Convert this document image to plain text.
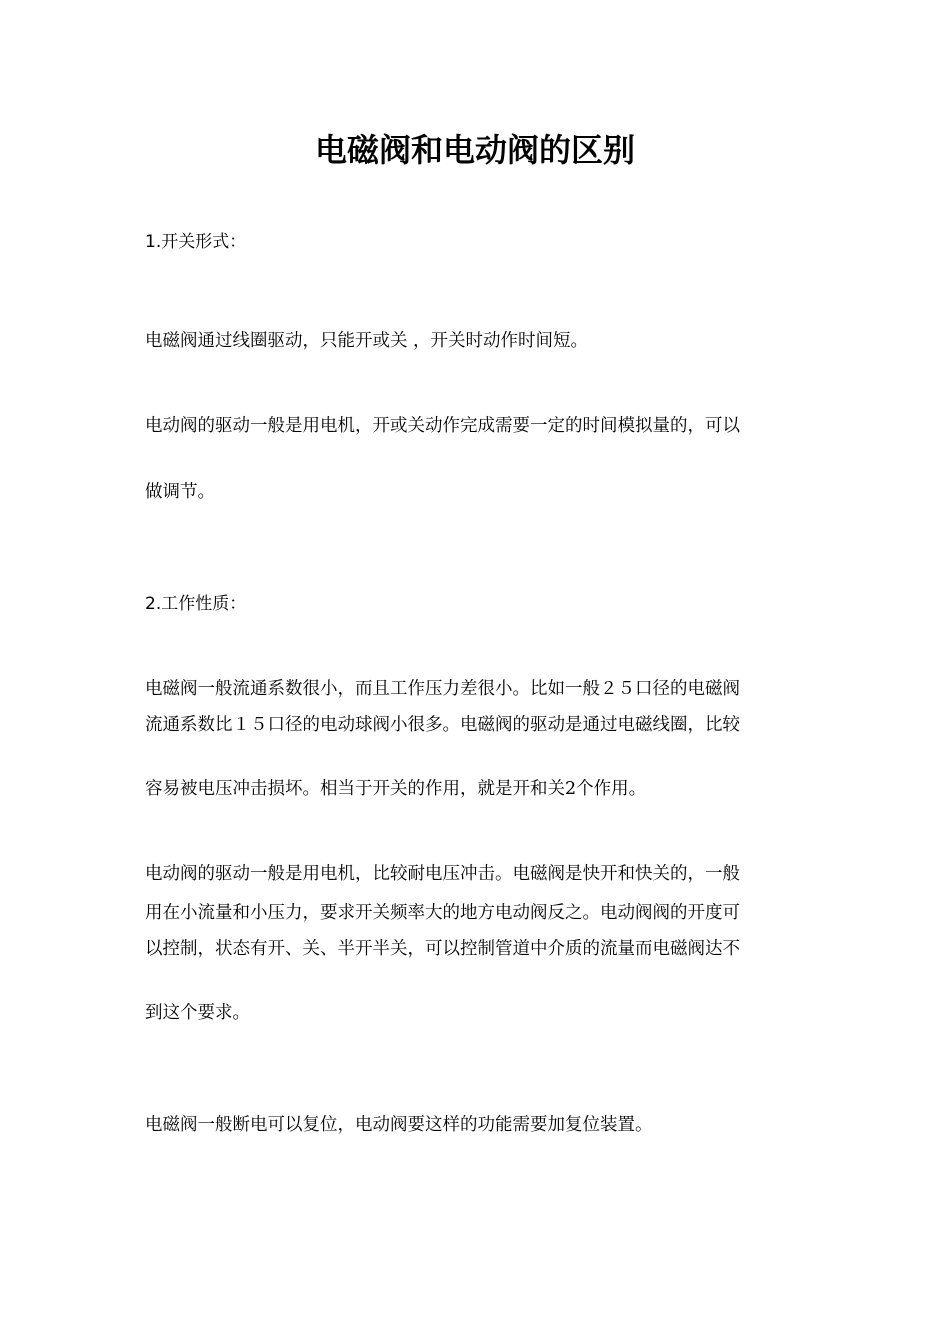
电磁阀和电动阀的区别
1.开关形式：
电磁阀通过线圈驱动，只能开或关 ，开关时动作时间短。
电动阀的驱动一般是用电机，开或关动作完成需要一定的时间模拟量的，可以
做调节。
2.工作性质：
电磁阀一般流通系数很小，而且工作压力差很小。比如一般２５口径的电磁阀
流通系数比１５口径的电动球阀小很多。电磁阀的驱动是通过电磁线圈，比较
容易被电压冲击损坏。相当于开关的作用，就是开和关2个作用。
电动阀的驱动一般是用电机，比较耐电压冲击。电磁阀是快开和快关的，一般
用在小流量和小压力，要求开关频率大的地方电动阀反之。电动阀阀的开度可
以控制，状态有开、关、半开半关，可以控制管道中介质的流量而电磁阀达不
到这个要求。
电磁阀一般断电可以复位，电动阀要这样的功能需要加复位装置。
